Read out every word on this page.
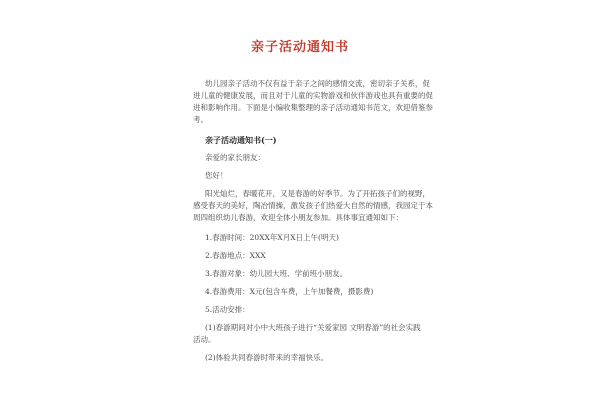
亲子活动通知书
幼儿园亲子活动不仅有益于亲子之间的感情交流，密切亲子关系，促
进儿童的健康发展，而且对于儿童的实物游戏和伙伴游戏也具有重要的促
进和影响作用。下面是小编收集整理的亲子活动通知书范文，欢迎借鉴参
考。
亲子活动通知书(一)
亲爱的家长朋友：
您好！
阳光灿烂，春暖花开，又是春游的好季节。为了开拓孩子们的视野，
感受春天的美好，陶冶情操，激发孩子们热爱大自然的情感，我园定于本
周四组织幼儿春游，欢迎全体小朋友参加。具体事宜通知如下：
1.春游时间：20XX年X月X日上午(明天)
2.春游地点：XXX
3.春游对象：幼儿园大班、学前班小朋友。
4.春游费用：X元(包含车费，上午加餐费，摄影费)
5.活动安排：
(1)春游期间对小中大班孩子进行“关爱家园 文明春游”的社会实践
活动。
(2)体验共同春游时带来的幸福快乐。
